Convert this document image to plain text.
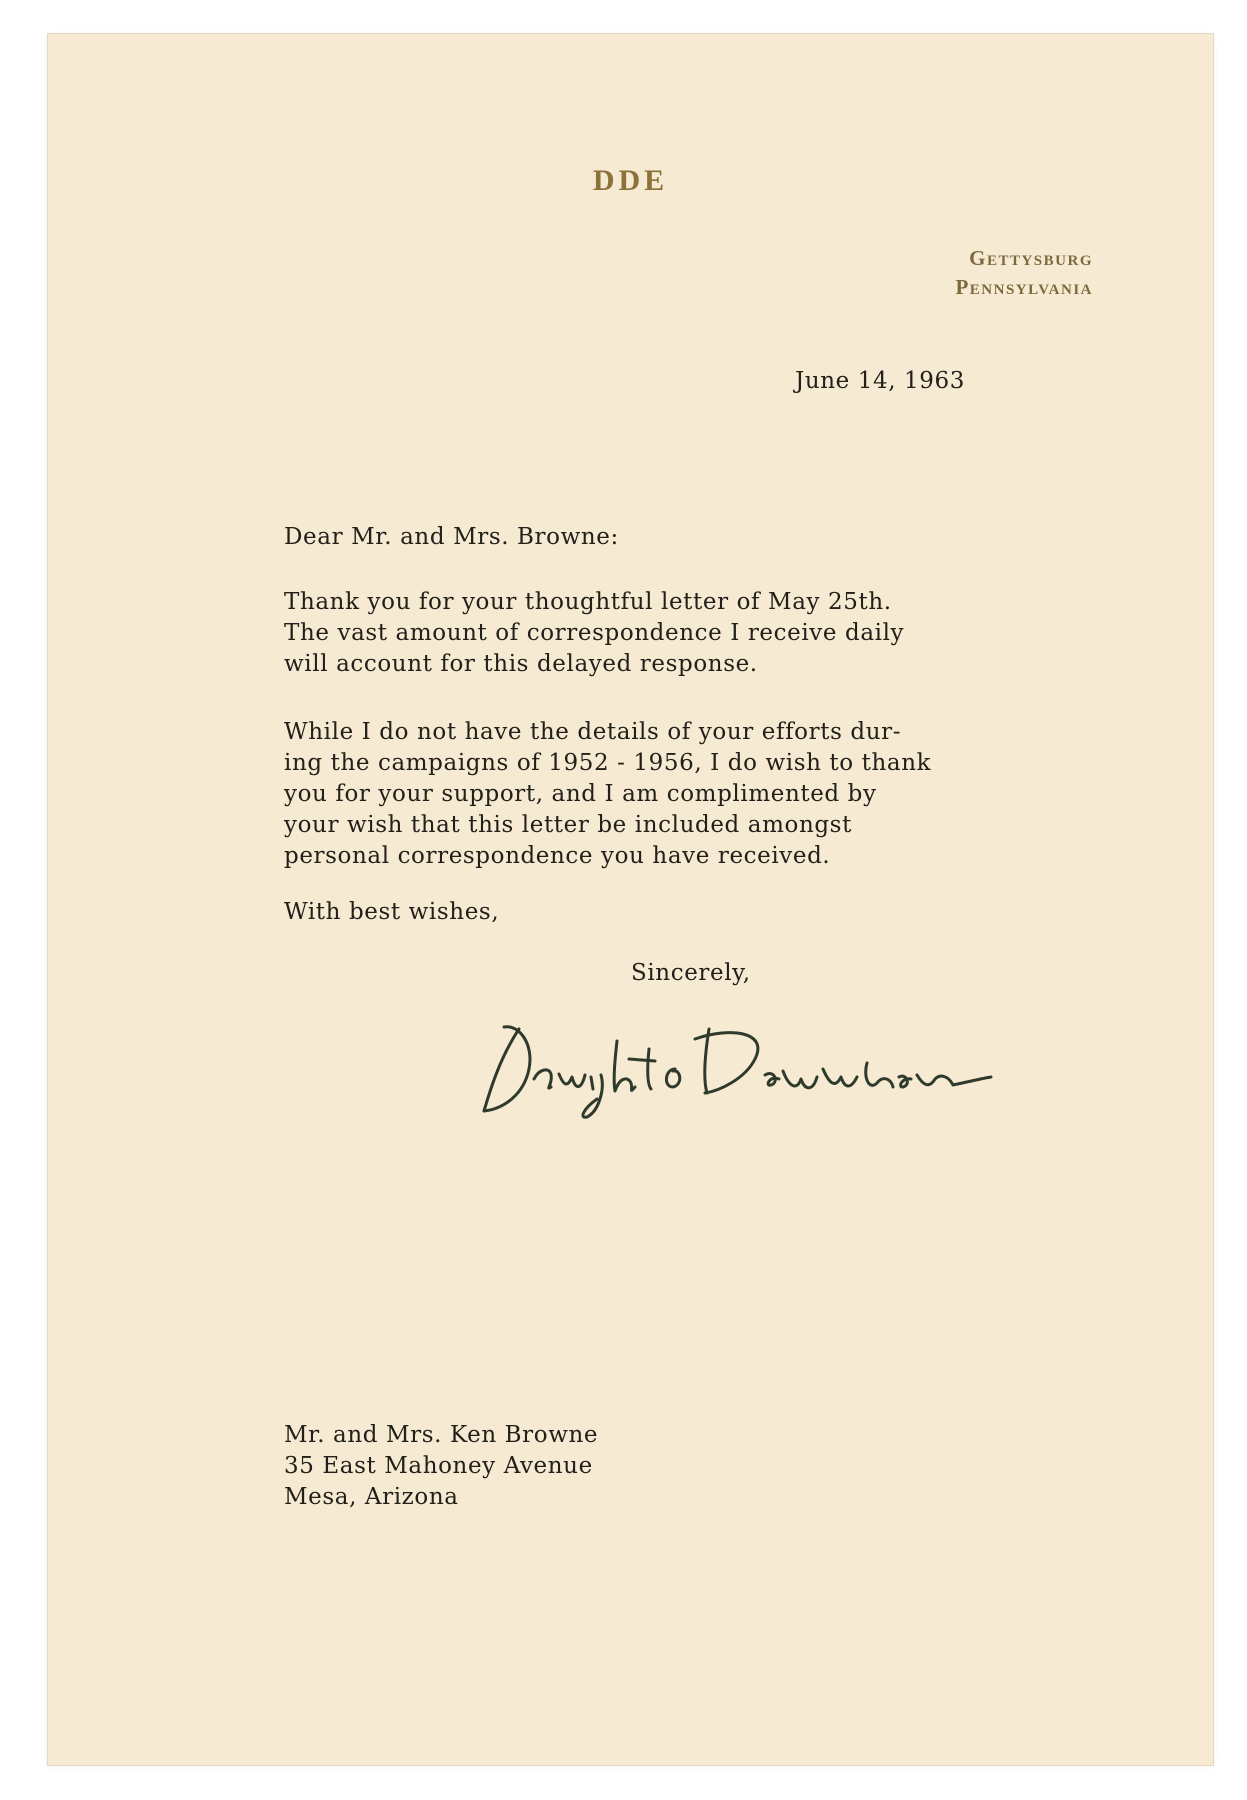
DDE
Gettysburg
Pennsylvania
June 14, 1963
Dear Mr. and Mrs. Browne:
Thank you for your thoughtful letter of May 25th.
The vast amount of correspondence I receive daily
will account for this delayed response.
While I do not have the details of your efforts dur-
ing the campaigns of 1952 - 1956, I do wish to thank
you for your support, and I am complimented by
your wish that this letter be included amongst
personal correspondence you have received.
With best wishes,
Sincerely,
Mr. and Mrs. Ken Browne
35 East Mahoney Avenue
Mesa, Arizona
